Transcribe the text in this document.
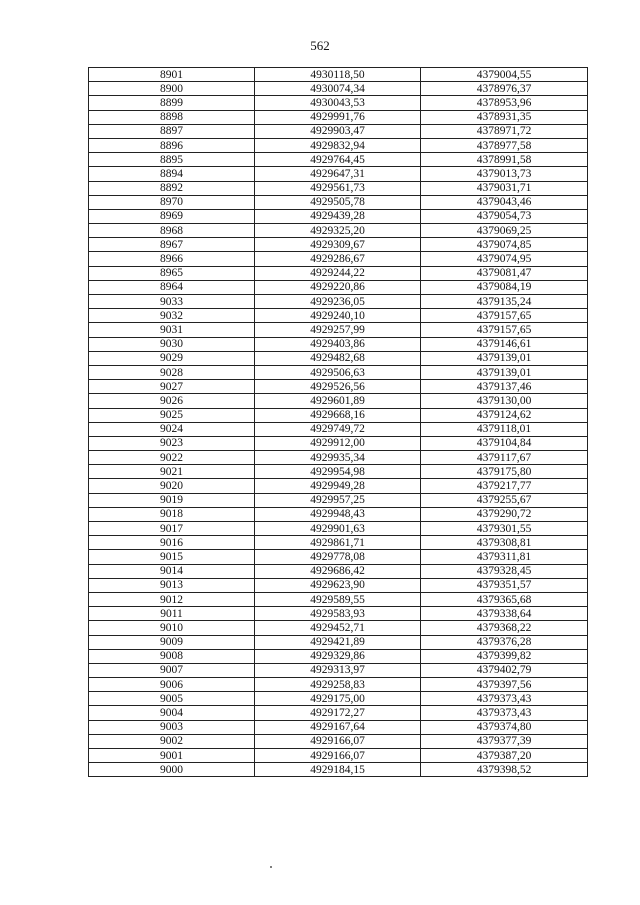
562
8901	4930118,50	4379004,55
8900	4930074,34	4378976,37
8899	4930043,53	4378953,96
8898	4929991,76	4378931,35
8897	4929903,47	4378971,72
8896	4929832,94	4378977,58
8895	4929764,45	4378991,58
8894	4929647,31	4379013,73
8892	4929561,73	4379031,71
8970	4929505,78	4379043,46
8969	4929439,28	4379054,73
8968	4929325,20	4379069,25
8967	4929309,67	4379074,85
8966	4929286,67	4379074,95
8965	4929244,22	4379081,47
8964	4929220,86	4379084,19
9033	4929236,05	4379135,24
9032	4929240,10	4379157,65
9031	4929257,99	4379157,65
9030	4929403,86	4379146,61
9029	4929482,68	4379139,01
9028	4929506,63	4379139,01
9027	4929526,56	4379137,46
9026	4929601,89	4379130,00
9025	4929668,16	4379124,62
9024	4929749,72	4379118,01
9023	4929912,00	4379104,84
9022	4929935,34	4379117,67
9021	4929954,98	4379175,80
9020	4929949,28	4379217,77
9019	4929957,25	4379255,67
9018	4929948,43	4379290,72
9017	4929901,63	4379301,55
9016	4929861,71	4379308,81
9015	4929778,08	4379311,81
9014	4929686,42	4379328,45
9013	4929623,90	4379351,57
9012	4929589,55	4379365,68
9011	4929583,93	4379338,64
9010	4929452,71	4379368,22
9009	4929421,89	4379376,28
9008	4929329,86	4379399,82
9007	4929313,97	4379402,79
9006	4929258,83	4379397,56
9005	4929175,00	4379373,43
9004	4929172,27	4379373,43
9003	4929167,64	4379374,80
9002	4929166,07	4379377,39
9001	4929166,07	4379387,20
9000	4929184,15	4379398,52
